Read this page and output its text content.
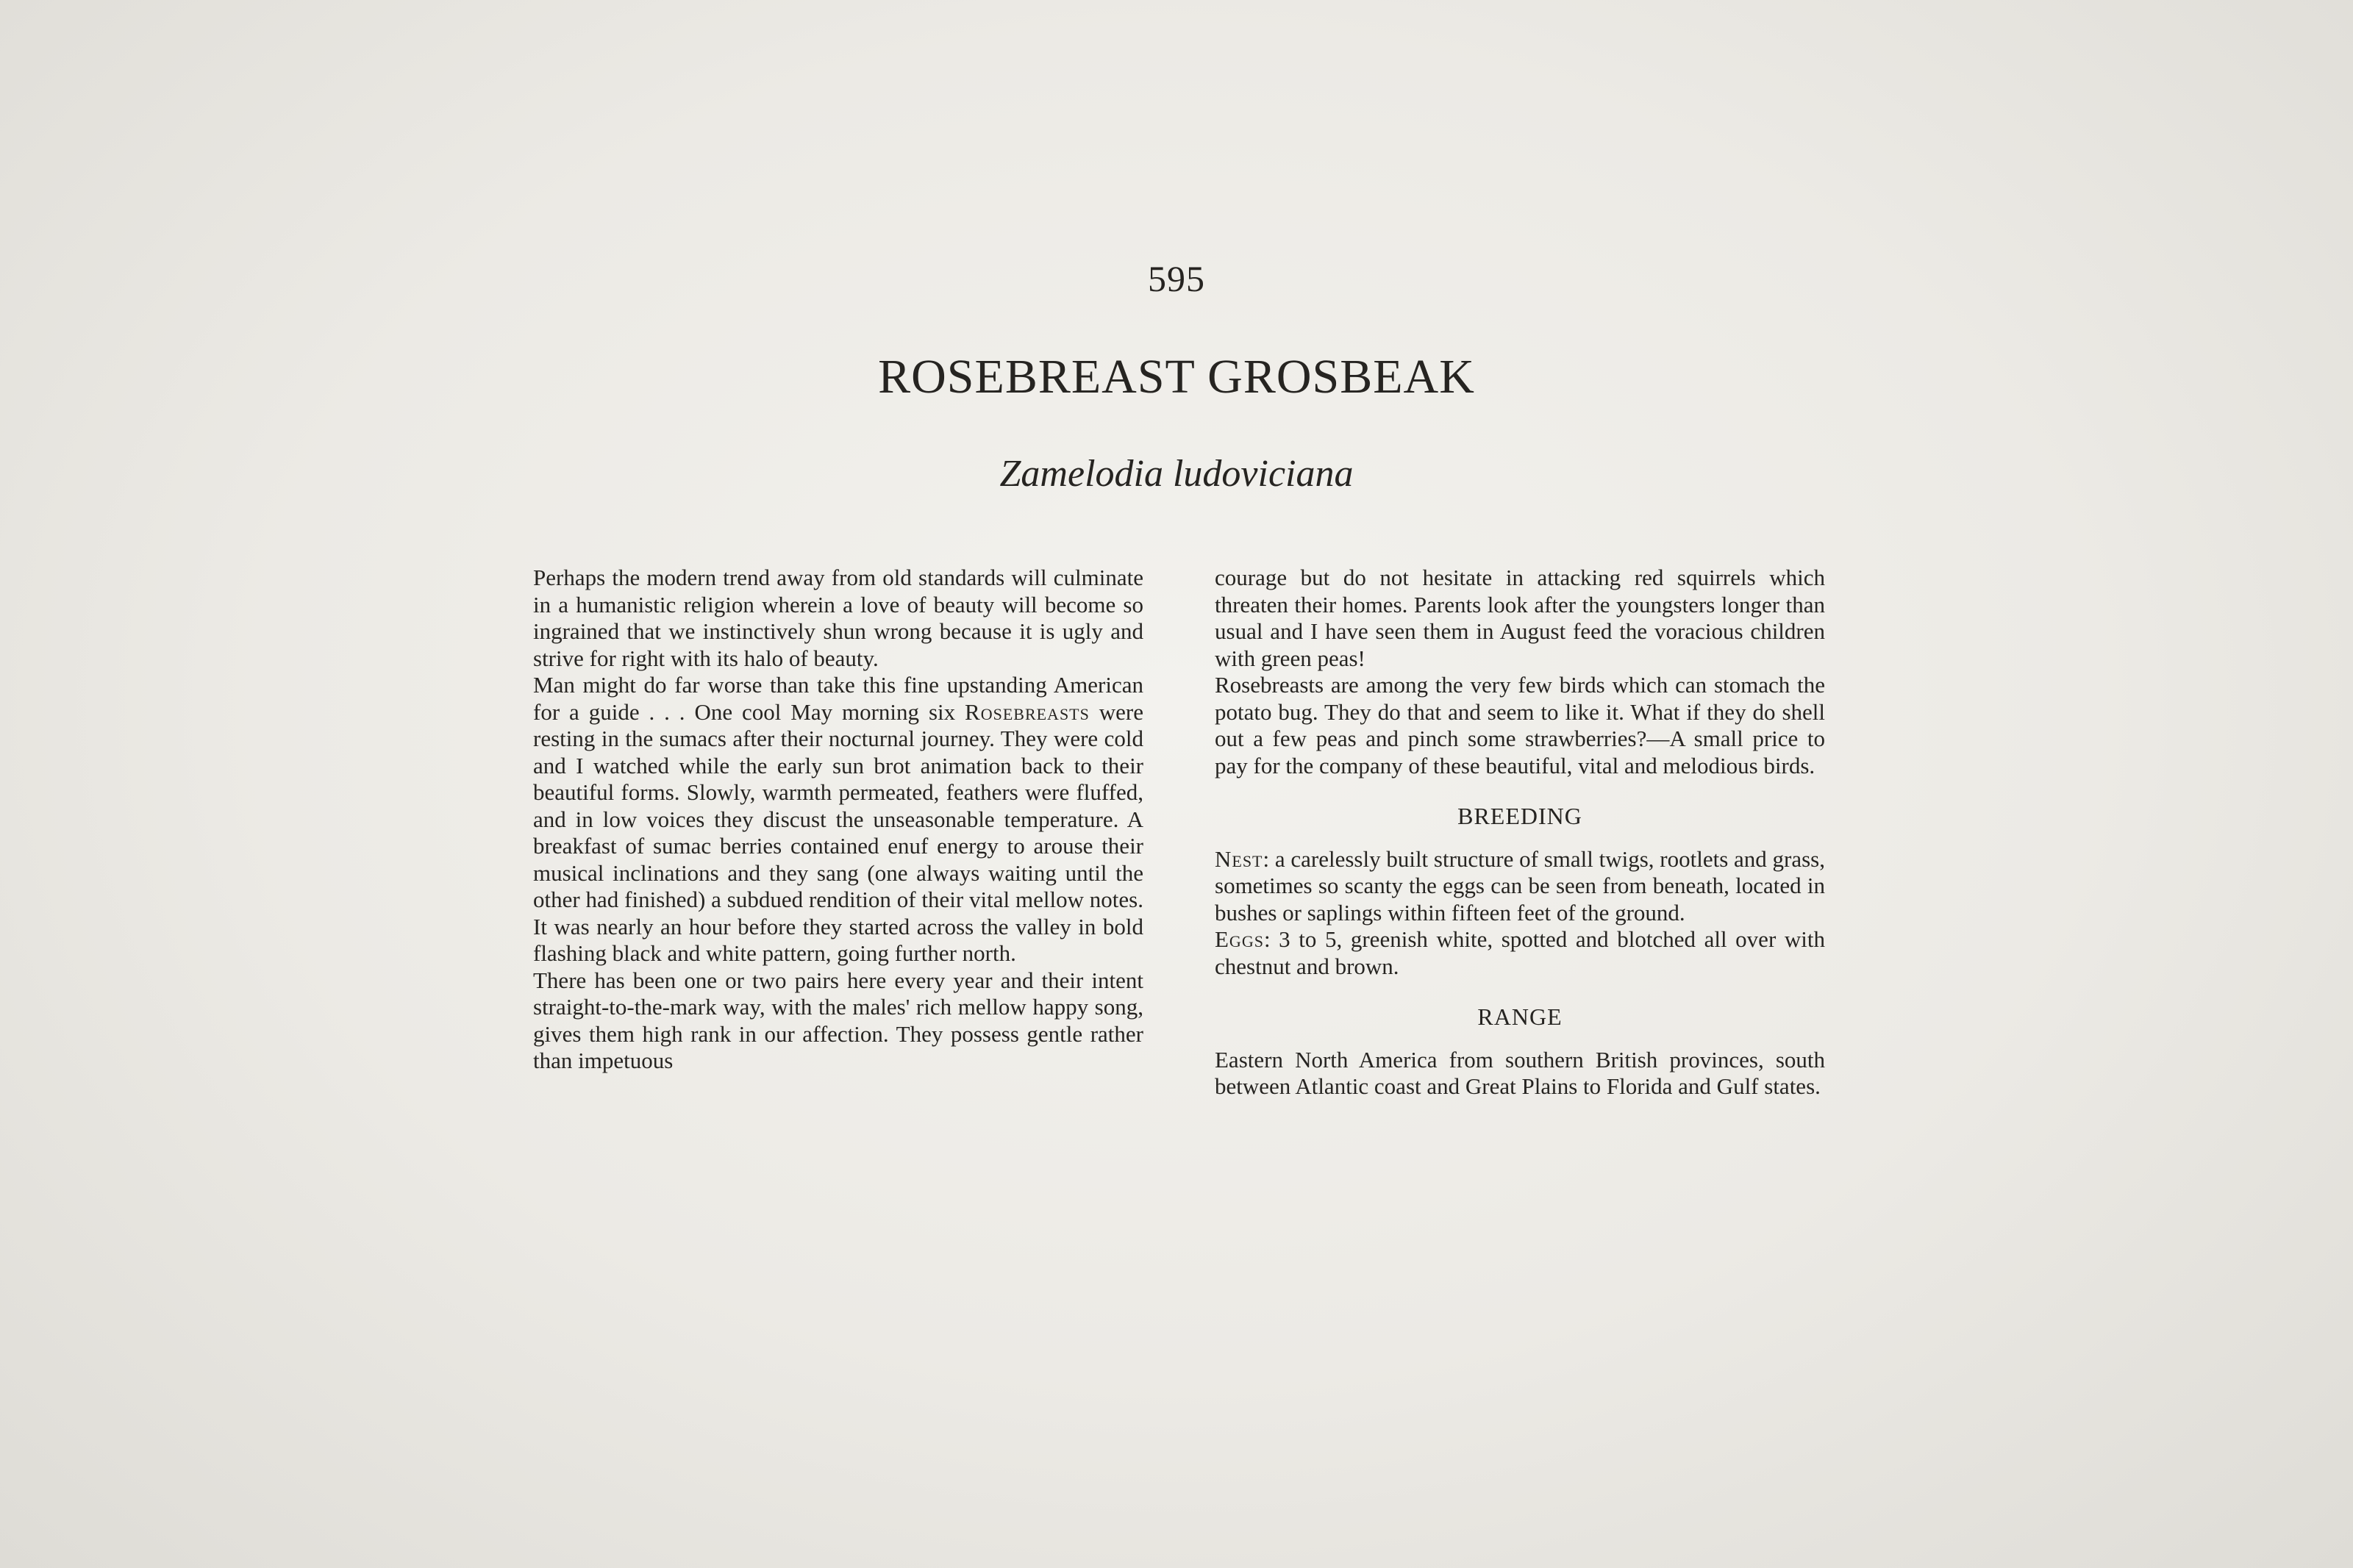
595
ROSEBREAST GROSBEAK
Zamelodia ludoviciana

Perhaps the modern trend away from old standards will culminate in a humanistic religion wherein a love of beauty will become so ingrained that we instinctively shun wrong because it is ugly and strive for right with its halo of beauty.

Man might do far worse than take this fine upstanding American for a guide . . . One cool May morning six Rosebreasts were resting in the sumacs after their nocturnal journey. They were cold and I watched while the early sun brot animation back to their beautiful forms. Slowly, warmth permeated, feathers were fluffed, and in low voices they discust the unseasonable temperature. A breakfast of sumac berries contained enuf energy to arouse their musical inclinations and they sang (one always waiting until the other had finished) a subdued rendition of their vital mellow notes. It was nearly an hour before they started across the valley in bold flashing black and white pattern, going further north.

There has been one or two pairs here every year and their intent straight-to-the-mark way, with the males' rich mellow happy song, gives them high rank in our affection. They possess gentle rather than impetuous

courage but do not hesitate in attacking red squirrels which threaten their homes. Parents look after the youngsters longer than usual and I have seen them in August feed the voracious children with green peas!

Rosebreasts are among the very few birds which can stomach the potato bug. They do that and seem to like it. What if they do shell out a few peas and pinch some strawberries?—A small price to pay for the company of these beautiful, vital and melodious birds.

BREEDING

Nest: a carelessly built structure of small twigs, rootlets and grass, sometimes so scanty the eggs can be seen from beneath, located in bushes or saplings within fifteen feet of the ground.

Eggs: 3 to 5, greenish white, spotted and blotched all over with chestnut and brown.

RANGE

Eastern North America from southern British provinces, south between Atlantic coast and Great Plains to Florida and Gulf states.
